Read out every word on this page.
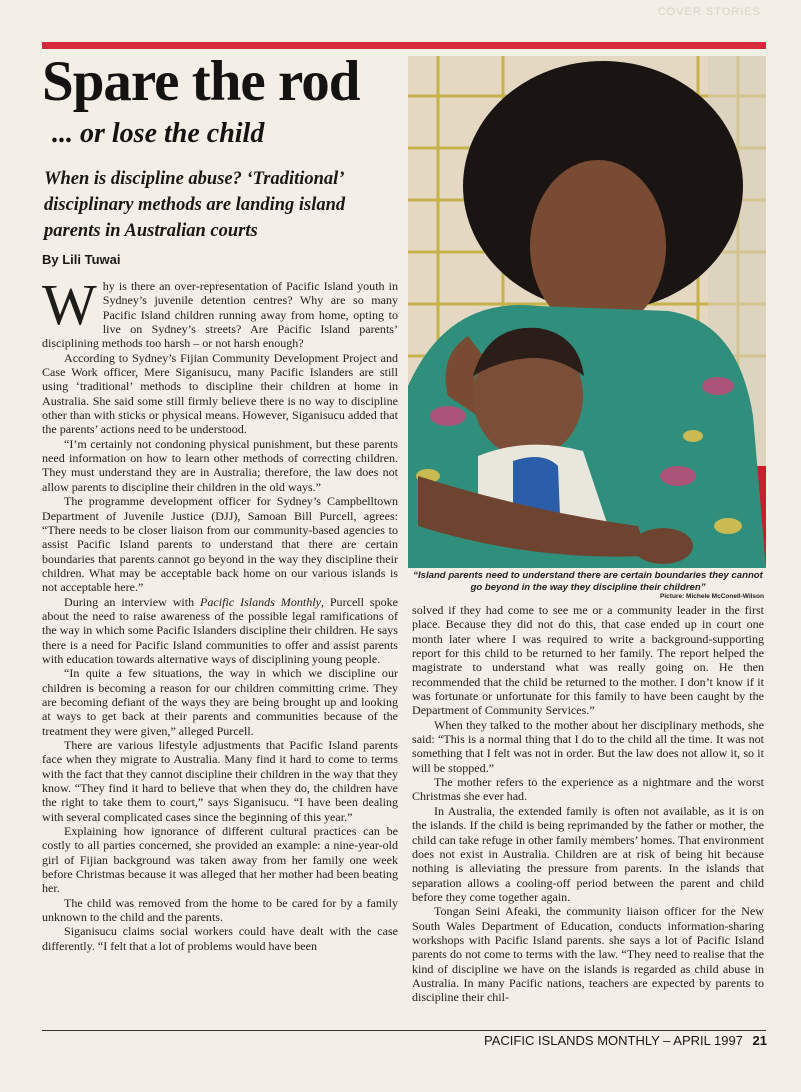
COVER STORIES
Spare the rod
... or lose the child
When is discipline abuse? ‘Traditional’ disciplinary methods are landing island parents in Australian courts
By Lili Tuwai

Why is there an over-representation of Pacific Island youth in Sydney’s juvenile detention centres? Why are so many Pacific Island children running away from home, opting to live on Sydney’s streets? Are Pacific Island parents’ disciplining methods too harsh – or not harsh enough?

According to Sydney’s Fijian Community Development Project and Case Work officer, Mere Siganisucu, many Pacific Islanders are still using ‘traditional’ methods to discipline their children at home in Australia. She said some still firmly believe there is no way to discipline other than with sticks or physical means. However, Siganisucu added that the parents’ actions need to be understood.

“I’m certainly not condoning physical punishment, but these parents need information on how to learn other methods of correcting children. They must understand they are in Australia; therefore, the law does not allow parents to discipline their children in the old ways.”

The programme development officer for Sydney’s Campbelltown Department of Juvenile Justice (DJJ), Samoan Bill Purcell, agrees: “There needs to be closer liaison from our community-based agencies to assist Pacific Island parents to understand that there are certain boundaries that parents cannot go beyond in the way they discipline their children. What may be acceptable back home on our various islands is not acceptable here.”

During an interview with Pacific Islands Monthly, Purcell spoke about the need to raise awareness of the possible legal ramifications of the way in which some Pacific Islanders discipline their children. He says there is a need for Pacific Island communities to offer and assist parents with education towards alternative ways of disciplining young people.

“In quite a few situations, the way in which we discipline our children is becoming a reason for our children committing crime. They are becoming defiant of the ways they are being brought up and looking at ways to get back at their parents and communities because of the treatment they were given,” alleged Purcell.

There are various lifestyle adjustments that Pacific Island parents face when they migrate to Australia. Many find it hard to come to terms with the fact that they cannot discipline their children in the way that they know. “They find it hard to believe that when they do, the children have the right to take them to court,” says Siganisucu. “I have been dealing with several complicated cases since the beginning of this year.”

Explaining how ignorance of different cultural practices can be costly to all parties concerned, she provided an example: a nine-year-old girl of Fijian background was taken away from her family one week before Christmas because it was alleged that her mother had been beating her.

The child was removed from the home to be cared for by a family unknown to the child and the parents.

Siganisucu claims social workers could have dealt with the case differently. “I felt that a lot of problems would have been

“Island parents need to understand there are certain boundaries they cannot go beyond in the way they discipline their children”
Picture: Michele McConell-Wilson

solved if they had come to see me or a community leader in the first place. Because they did not do this, that case ended up in court one month later where I was required to write a background-supporting report for this child to be returned to her family. The report helped the magistrate to understand what was really going on. He then recommended that the child be returned to the mother. I don’t know if it was fortunate or unfortunate for this family to have been caught by the Department of Community Services.”

When they talked to the mother about her disciplinary methods, she said: “This is a normal thing that I do to the child all the time. It was not something that I felt was not in order. But the law does not allow it, so it will be stopped.”

The mother refers to the experience as a nightmare and the worst Christmas she ever had.

In Australia, the extended family is often not available, as it is on the islands. If the child is being reprimanded by the father or mother, the child can take refuge in other family members’ homes. That environment does not exist in Australia. Children are at risk of being hit because nothing is alleviating the pressure from parents. In the islands that separation allows a cooling-off period between the parent and child before they come together again.

Tongan Seini Afeaki, the community liaison officer for the New South Wales Department of Education, conducts information-sharing workshops with Pacific Island parents. she says a lot of Pacific Island parents do not come to terms with the law. “They need to realise that the kind of discipline we have on the islands is regarded as child abuse in Australia. In many Pacific nations, teachers are expected by parents to discipline their chil-

PACIFIC ISLANDS MONTHLY – APRIL 1997 21
